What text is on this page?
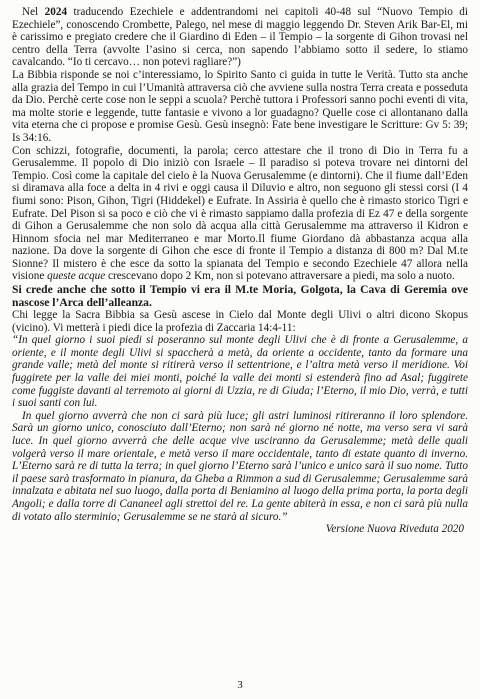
Nel 2024 traducendo Ezechiele e addentrandomi nei capitoli 40-48 sul “Nuovo Tempio di Ezechiele”, conoscendo Crombette, Palego, nel mese di maggio leggendo Dr. Steven Arik Bar-El, mi è carissimo e pregiato credere che il Giardino di Eden – il Tempio – la sorgente di Gihon trovasi nel centro della Terra (avvolte l’asino si cerca, non sapendo l’abbiamo sotto il sedere, lo stiamo cavalcando. “Io ti cercavo… non potevi ragliare?”)

La Bibbia risponde se noi c’interessiamo, lo Spirito Santo ci guida in tutte le Verità. Tutto sta anche alla grazia del Tempo in cui l’Umanità attraversa ciò che avviene sulla nostra Terra creata e posseduta da Dio. Perchè certe cose non le seppi a scuola? Perchè tuttora i Professori sanno pochi eventi di vita, ma molte storie e leggende, tutte fantasie e vivono a lor guadagno? Quelle cose ci allontanano dalla vita eterna che ci propose e promise Gesù. Gesù insegnò: Fate bene investigare le Scritture: Gv 5: 39; Is 34:16.

Con schizzi, fotografie, documenti, la parola; cerco attestare che il trono di Dio in Terra fu a Gerusalemme. Il popolo di Dio iniziò con Israele – Il paradiso si poteva trovare nei dintorni del Tempio. Così come la capitale del cielo è la Nuova Gerusalemme (e dintorni). Che il fiume dall’Eden si diramava alla foce a delta in 4 rivi e oggi causa il Diluvio e altro, non seguono gli stessi corsi (I 4 fiumi sono: Pison, Gihon, Tigri (Hiddekel) e Eufrate. In Assiria è quello che è rimasto storico Tigri e Eufrate. Del Pison si sa poco e ciò che vi è rimasto sappiamo dalla profezia di Ez 47 e della sorgente di Gihon a Gerusalemme che non solo dà acqua alla città Gerusalemme ma attraverso il Kidron e Hinnom sfocia nel mar Mediterraneo e mar Morto.Il fiume Giordano dà abbastanza acqua alla nazione. Da dove la sorgente di Gihon che esce di fronte il Tempio a distanza di 800 m? Dal M.te Sionne? Il mistero è che esce da sotto la spianata del Tempio e secondo Ezechiele 47 allora nella visione queste acque crescevano dopo 2 Km, non si potevano attraversare a piedi, ma solo a nuoto.

Si crede anche che sotto il Tempio vi era il M.te Moria, Golgota, la Cava di Geremia ove nascose l’Arca dell’alleanza.

Chi legge la Sacra Bibbia sa Gesù ascese in Cielo dal Monte degli Ulivi o altri dicono Skopus (vicino). Vi metterà i piedi dice la profezia di Zaccaria 14:4-11:

“In quel giorno i suoi piedi si poseranno sul monte degli Ulivi che è di fronte a Gerusalemme, a oriente, e il monte degli Ulivi si spaccherà a metà, da oriente a occidente, tanto da formare una grande valle; metà del monte si ritirerà verso il settentrione, e l’altra metà verso il meridione. Voi fuggirete per la valle dei miei monti, poiché la valle dei monti si estenderà fino ad Asal; fuggirete come fuggiste davanti al terremoto ai giorni di Uzzia, re di Giuda; l’Eterno, il mio Dio, verrà, e tutti i suoi santi con lui.

In quel giorno avverrà che non ci sarà più luce; gli astri luminosi ritireranno il loro splendore. Sarà un giorno unico, conosciuto dall’Eterno; non sarà né giorno né notte, ma verso sera vi sarà luce. In quel giorno avverrà che delle acque vive usciranno da Gerusalemme; metà delle quali volgerà verso il mare orientale, e metà verso il mare occidentale, tanto di estate quanto di inverno. L’Eterno sarà re di tutta la terra; in quel giorno l’Eterno sarà l’unico e unico sarà il suo nome. Tutto il paese sarà trasformato in pianura, da Gheba a Rimmon a sud di Gerusalemme; Gerusalemme sarà innalzata e abitata nel suo luogo, dalla porta di Beniamino al luogo della prima porta, la porta degli Angoli; e dalla torre di Cananeel agli strettoi del re. La gente abiterà in essa, e non ci sarà più nulla di votato allo sterminio; Gerusalemme se ne starà al sicuro.”

Versione Nuova Riveduta 2020

3
